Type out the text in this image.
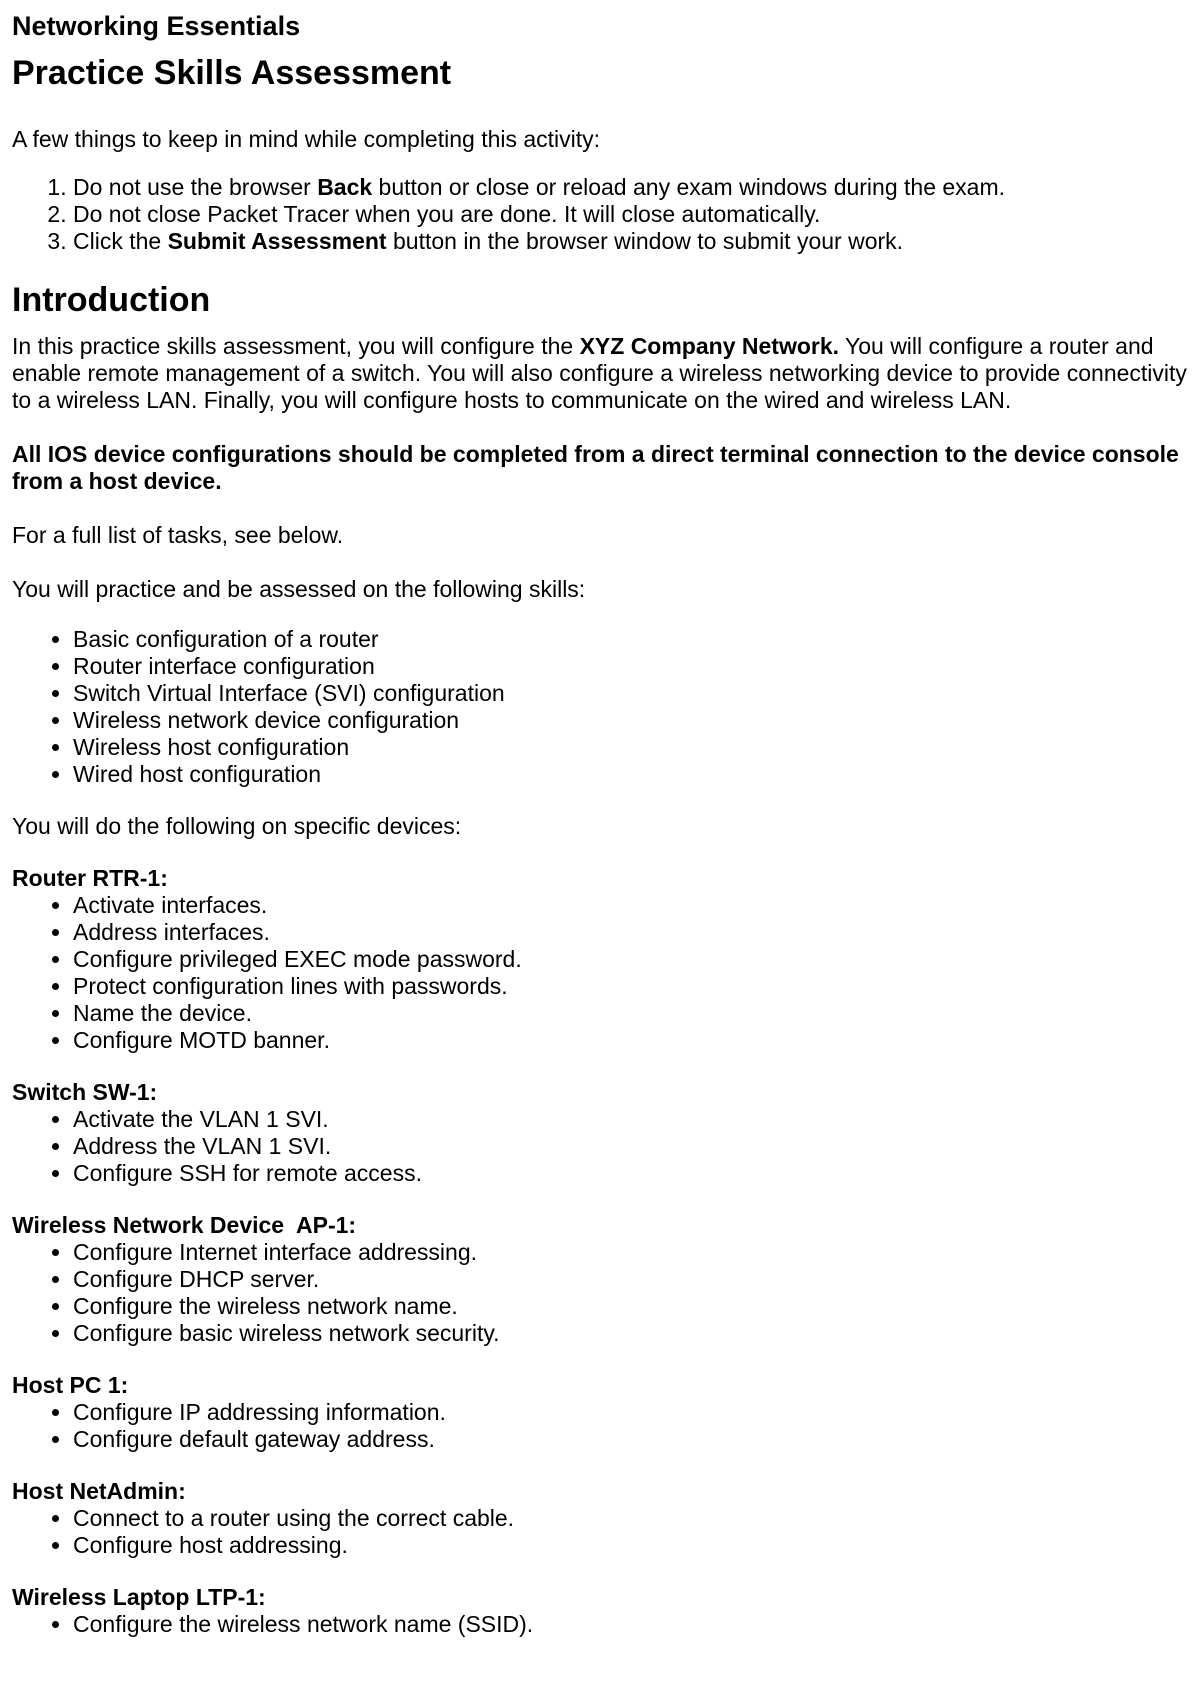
Networking Essentials
Practice Skills Assessment

A few things to keep in mind while completing this activity:

1. Do not use the browser Back button or close or reload any exam windows during the exam.
2. Do not close Packet Tracer when you are done. It will close automatically.
3. Click the Submit Assessment button in the browser window to submit your work.
Introduction

In this practice skills assessment, you will configure the XYZ Company Network. You will configure a router and enable remote management of a switch. You will also configure a wireless networking device to provide connectivity to a wireless LAN. Finally, you will configure hosts to communicate on the wired and wireless LAN.

All IOS device configurations should be completed from a direct terminal connection to the device console from a host device.

For a full list of tasks, see below.

You will practice and be assessed on the following skills:

• Basic configuration of a router
• Router interface configuration
• Switch Virtual Interface (SVI) configuration
• Wireless network device configuration
• Wireless host configuration
• Wired host configuration

You will do the following on specific devices:

Router RTR-1:
• Activate interfaces.
• Address interfaces.
• Configure privileged EXEC mode password.
• Protect configuration lines with passwords.
• Name the device.
• Configure MOTD banner.
Switch SW-1:
• Activate the VLAN 1 SVI.
• Address the VLAN 1 SVI.
• Configure SSH for remote access.
Wireless Network Device  AP-1:
• Configure Internet interface addressing.
• Configure DHCP server.
• Configure the wireless network name.
• Configure basic wireless network security.
Host PC 1:
• Configure IP addressing information.
• Configure default gateway address.
Host NetAdmin:
• Connect to a router using the correct cable.
• Configure host addressing.
Wireless Laptop LTP-1:
• Configure the wireless network name (SSID).
